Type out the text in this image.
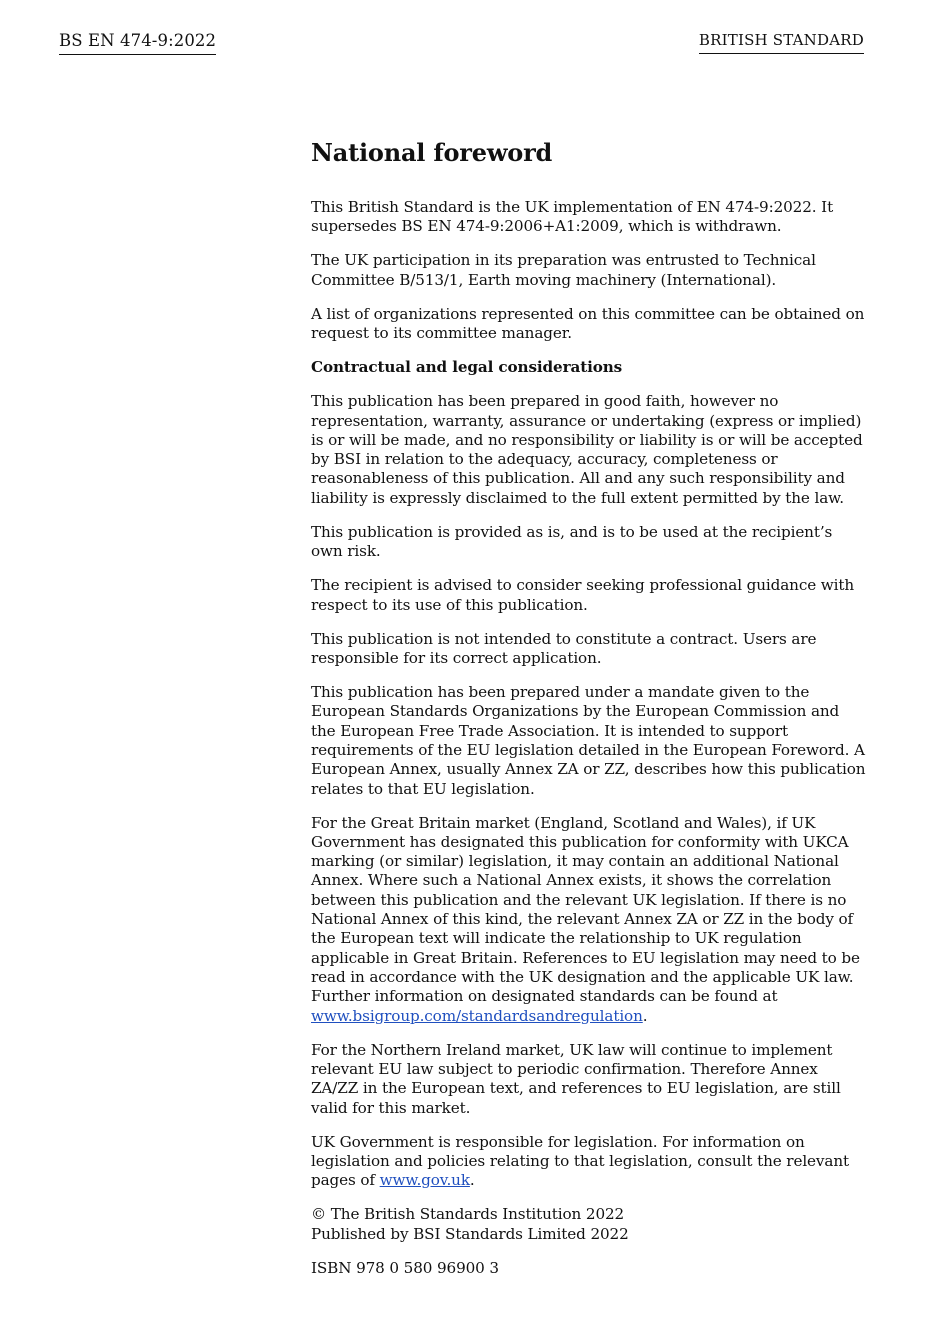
BS EN 474-9:2022	BRITISH STANDARD
National foreword

This British Standard is the UK implementation of EN 474-9:2022. It supersedes BS EN 474-9:2006+A1:2009, which is withdrawn.

The UK participation in its preparation was entrusted to Technical Committee B/513/1, Earth moving machinery (International).

A list of organizations represented on this committee can be obtained on request to its committee manager.

Contractual and legal considerations

This publication has been prepared in good faith, however no representation, warranty, assurance or undertaking (express or implied) is or will be made, and no responsibility or liability is or will be accepted by BSI in relation to the adequacy, accuracy, completeness or reasonableness of this publication. All and any such responsibility and liability is expressly disclaimed to the full extent permitted by the law.

This publication is provided as is, and is to be used at the recipient’s own risk.

The recipient is advised to consider seeking professional guidance with respect to its use of this publication.

This publication is not intended to constitute a contract. Users are responsible for its correct application.

This publication has been prepared under a mandate given to the European Standards Organizations by the European Commission and the European Free Trade Association. It is intended to support requirements of the EU legislation detailed in the European Foreword. A European Annex, usually Annex ZA or ZZ, describes how this publication relates to that EU legislation.

For the Great Britain market (England, Scotland and Wales), if UK Government has designated this publication for conformity with UKCA marking (or similar) legislation, it may contain an additional National Annex. Where such a National Annex exists, it shows the correlation between this publication and the relevant UK legislation. If there is no National Annex of this kind, the relevant Annex ZA or ZZ in the body of the European text will indicate the relationship to UK regulation applicable in Great Britain. References to EU legislation may need to be read in accordance with the UK designation and the applicable UK law. Further information on designated standards can be found at www.bsigroup.com/standardsandregulation.

For the Northern Ireland market, UK law will continue to implement relevant EU law subject to periodic confirmation. Therefore Annex ZA/ZZ in the European text, and references to EU legislation, are still valid for this market.

UK Government is responsible for legislation. For information on legislation and policies relating to that legislation, consult the relevant pages of www.gov.uk.

© The British Standards Institution 2022
Published by BSI Standards Limited 2022

ISBN 978 0 580 96900 3
